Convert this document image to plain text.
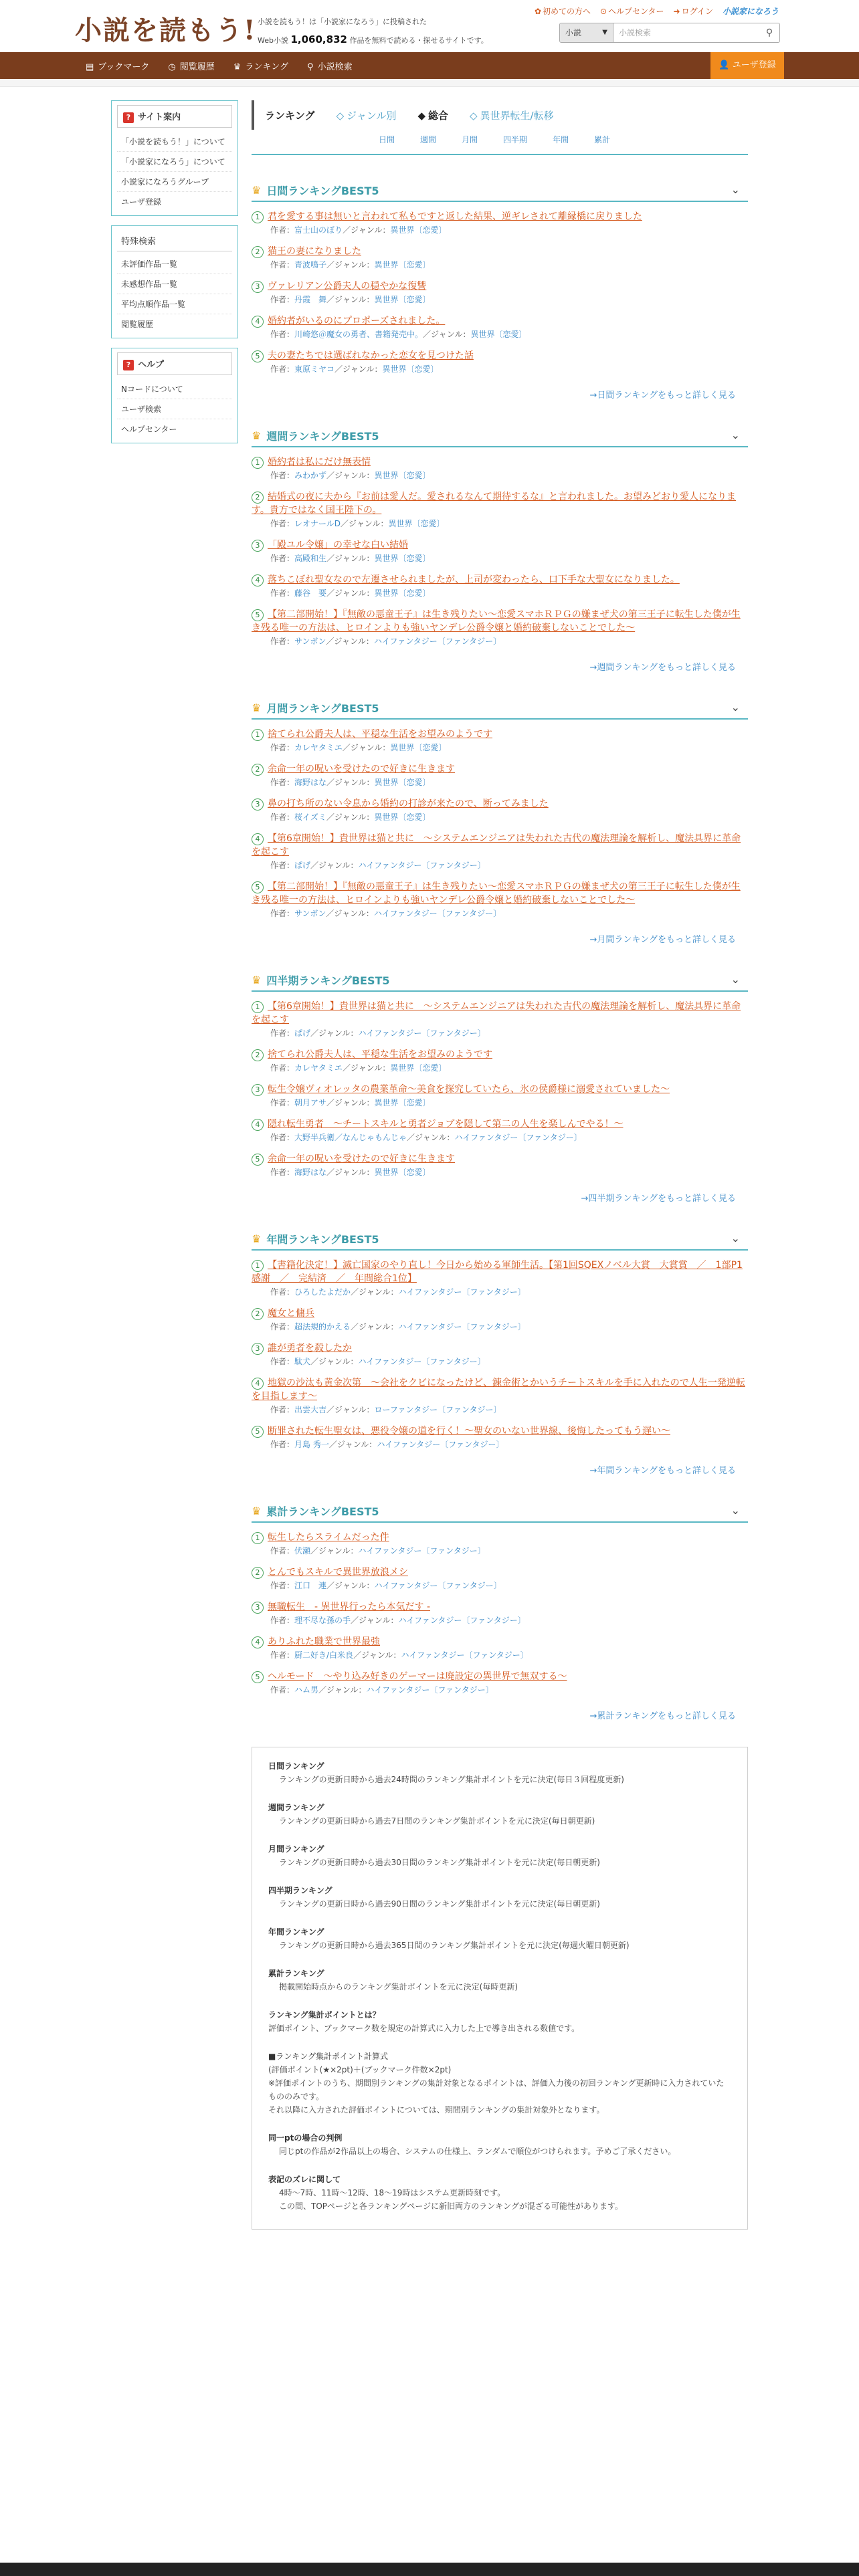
小説を読もう! 小説を読もう！は「小説家になろう」に投稿された
Web小説 1,060,832 作品を無料で読める・探せるサイトです。
✿ 初めての方へ ⊙ ヘルプセンター ➜ ログイン 小説家になろう
小説	▼	小説検索	⚲
▤ ブックマーク ◷ 閲覧履歴 ♛ ランキング ⚲ 小説検索	👤 ユーザ登録
? サイト案内
「小説を読もう！」について
「小説家になろう」について
小説家になろうグループ
ユーザ登録
特殊検索
未評価作品一覧
未感想作品一覧
平均点順作品一覧
閲覧履歴
? ヘルプ
Nコードについて
ユーザ検索
ヘルプセンター
ランキング ◇ ジャンル別 ◆ 総合 ◇ 異世界転生/転移
日間	週間	月間	四半期	年間	累計
♛ 日間ランキングBEST5	⌄
1 君を愛する事は無いと言われて私もですと返した結果、逆ギレされて離縁橋に戻りました
作者：富士山のぼり／ジャンル：異世界〔恋愛〕
2 猫王の妻になりました
作者：青波鳴子／ジャンル：異世界〔恋愛〕
3 ヴァレリアン公爵夫人の穏やかな復讐
作者：丹霞　舞／ジャンル：異世界〔恋愛〕
4 婚約者がいるのにプロポーズされました。
作者：川崎悠＠魔女の勇者、書籍発売中。／ジャンル：異世界〔恋愛〕
5 夫の妻たちでは選ばれなかった恋女を見つけた話
作者：東原ミヤコ／ジャンル：異世界〔恋愛〕
→日間ランキングをもっと詳しく見る
♛ 週間ランキングBEST5	⌄
1 婚約者は私にだけ無表情
作者：みわかず／ジャンル：異世界〔恋愛〕
2 結婚式の夜に夫から『お前は愛人だ。愛されるなんて期待するな』と言われました。お望みどおり愛人になります。貴方ではなく国王陛下の。
作者：レオナールD／ジャンル：異世界〔恋愛〕
3 「殿ユル令嬢」の幸せな白い結婚
作者：高殿和生／ジャンル：異世界〔恋愛〕
4 落ちこぼれ聖女なので左遷させられましたが、上司が変わったら、口下手な大聖女になりました。
作者：藤谷　要／ジャンル：異世界〔恋愛〕
5 【第二部開始！】『無敵の悪童王子』は生き残りたい〜恋愛スマホＲＰＧの嫌まぜ犬の第三王子に転生した僕が生き残る唯一の方法は、ヒロインよりも強いヤンデレ公爵令嬢と婚約破棄しないことでした〜
作者：サンボン／ジャンル：ハイファンタジー〔ファンタジー〕
→週間ランキングをもっと詳しく見る
♛ 月間ランキングBEST5	⌄
1 捨てられ公爵夫人は、平穏な生活をお望みのようです
作者：カレヤタミエ／ジャンル：異世界〔恋愛〕
2 余命一年の呪いを受けたので好きに生きます
作者：海野はな／ジャンル：異世界〔恋愛〕
3 鼻の打ち所のない令息から婚約の打診が来たので、断ってみました
作者：桜イズミ／ジャンル：異世界〔恋愛〕
4 【第6章開始！】貴世界は猫と共に　〜システムエンジニアは失われた古代の魔法理論を解析し、魔法具界に革命を起こす
作者：ぱげ／ジャンル：ハイファンタジー〔ファンタジー〕
5 【第二部開始！】『無敵の悪童王子』は生き残りたい〜恋愛スマホＲＰＧの嫌まぜ犬の第三王子に転生した僕が生き残る唯一の方法は、ヒロインよりも強いヤンデレ公爵令嬢と婚約破棄しないことでした〜
作者：サンボン／ジャンル：ハイファンタジー〔ファンタジー〕
→月間ランキングをもっと詳しく見る
♛ 四半期ランキングBEST5	⌄
1 【第6章開始！】貴世界は猫と共に　〜システムエンジニアは失われた古代の魔法理論を解析し、魔法具界に革命を起こす
作者：ぱげ／ジャンル：ハイファンタジー〔ファンタジー〕
2 捨てられ公爵夫人は、平穏な生活をお望みのようです
作者：カレヤタミエ／ジャンル：異世界〔恋愛〕
3 転生令嬢ヴィオレッタの農業革命〜美食を探究していたら、氷の侯爵様に溺愛されていました〜
作者：朝月アサ／ジャンル：異世界〔恋愛〕
4 隠れ転生勇者　〜チートスキルと勇者ジョブを隠して第二の人生を楽しんでやる！〜
作者：大野半兵衛／なんじゃもんじゃ／ジャンル：ハイファンタジー〔ファンタジー〕
5 余命一年の呪いを受けたので好きに生きます
作者：海野はな／ジャンル：異世界〔恋愛〕
→四半期ランキングをもっと詳しく見る
♛ 年間ランキングBEST5	⌄
1 【書籍化決定！】滅亡国家のやり直し！今日から始める軍師生活。【第1回SQEXノベル大賞　大賞賞　／　1部P1感謝　／　完結済　／　年間総合1位】
作者：ひろしたよだか／ジャンル：ハイファンタジー〔ファンタジー〕
2 魔女と傭兵
作者：超法規的かえる／ジャンル：ハイファンタジー〔ファンタジー〕
3 誰が勇者を殺したか
作者：駄犬／ジャンル：ハイファンタジー〔ファンタジー〕
4 地獄の沙汰も黄金次第　〜会社をクビになったけど、錬金術とかいうチートスキルを手に入れたので人生一発逆転を目指します〜
作者：出雲大吉／ジャンル：ローファンタジー〔ファンタジー〕
5 断罪された転生聖女は、悪役令嬢の道を行く！〜聖女のいない世界線、後悔したってもう遅い〜
作者：月島 秀一／ジャンル：ハイファンタジー〔ファンタジー〕
→年間ランキングをもっと詳しく見る
♛ 累計ランキングBEST5	⌄
1 転生したらスライムだった件
作者：伏瀬／ジャンル：ハイファンタジー〔ファンタジー〕
2 とんでもスキルで異世界放浪メシ
作者：江口　連／ジャンル：ハイファンタジー〔ファンタジー〕
3 無職転生　- 異世界行ったら本気だす -
作者：理不尽な孫の手／ジャンル：ハイファンタジー〔ファンタジー〕
4 ありふれた職業で世界最強
作者：厨二好き/白米良／ジャンル：ハイファンタジー〔ファンタジー〕
5 ヘルモード　〜やり込み好きのゲーマーは廃設定の異世界で無双する〜
作者：ハム男／ジャンル：ハイファンタジー〔ファンタジー〕
→累計ランキングをもっと詳しく見る
日間ランキング
ランキングの更新日時から過去24時間のランキング集計ポイントを元に決定(毎日３回程度更新)
週間ランキング
ランキングの更新日時から過去7日間のランキング集計ポイントを元に決定(毎日朝更新)
月間ランキング
ランキングの更新日時から過去30日間のランキング集計ポイントを元に決定(毎日朝更新)
四半期ランキング
ランキングの更新日時から過去90日間のランキング集計ポイントを元に決定(毎日朝更新)
年間ランキング
ランキングの更新日時から過去365日間のランキング集計ポイントを元に決定(毎週火曜日朝更新)
累計ランキング
掲載開始時点からのランキング集計ポイントを元に決定(毎時更新)
ランキング集計ポイントとは？
評価ポイント、ブックマーク数を規定の計算式に入力した上で導き出される数値です。
■ランキング集計ポイント計算式
(評価ポイント(★×2pt)＋(ブックマーク件数×2pt)
※評価ポイントのうち、期間別ランキングの集計対象となるポイントは、評価入力後の初回ランキング更新時に入力されていたもののみです。
それ以降に入力された評価ポイントについては、期間別ランキングの集計対象外となります。
同一ptの場合の判例
同じptの作品が2作品以上の場合、システムの仕様上、ランダムで順位がつけられます。予めご了承ください。
表記のズレに関して
4時〜7時、11時〜12時、18〜19時はシステム更新時刻です。
この間、TOPページと各ランキングページに新旧両方のランキングが混ざる可能性があります。
